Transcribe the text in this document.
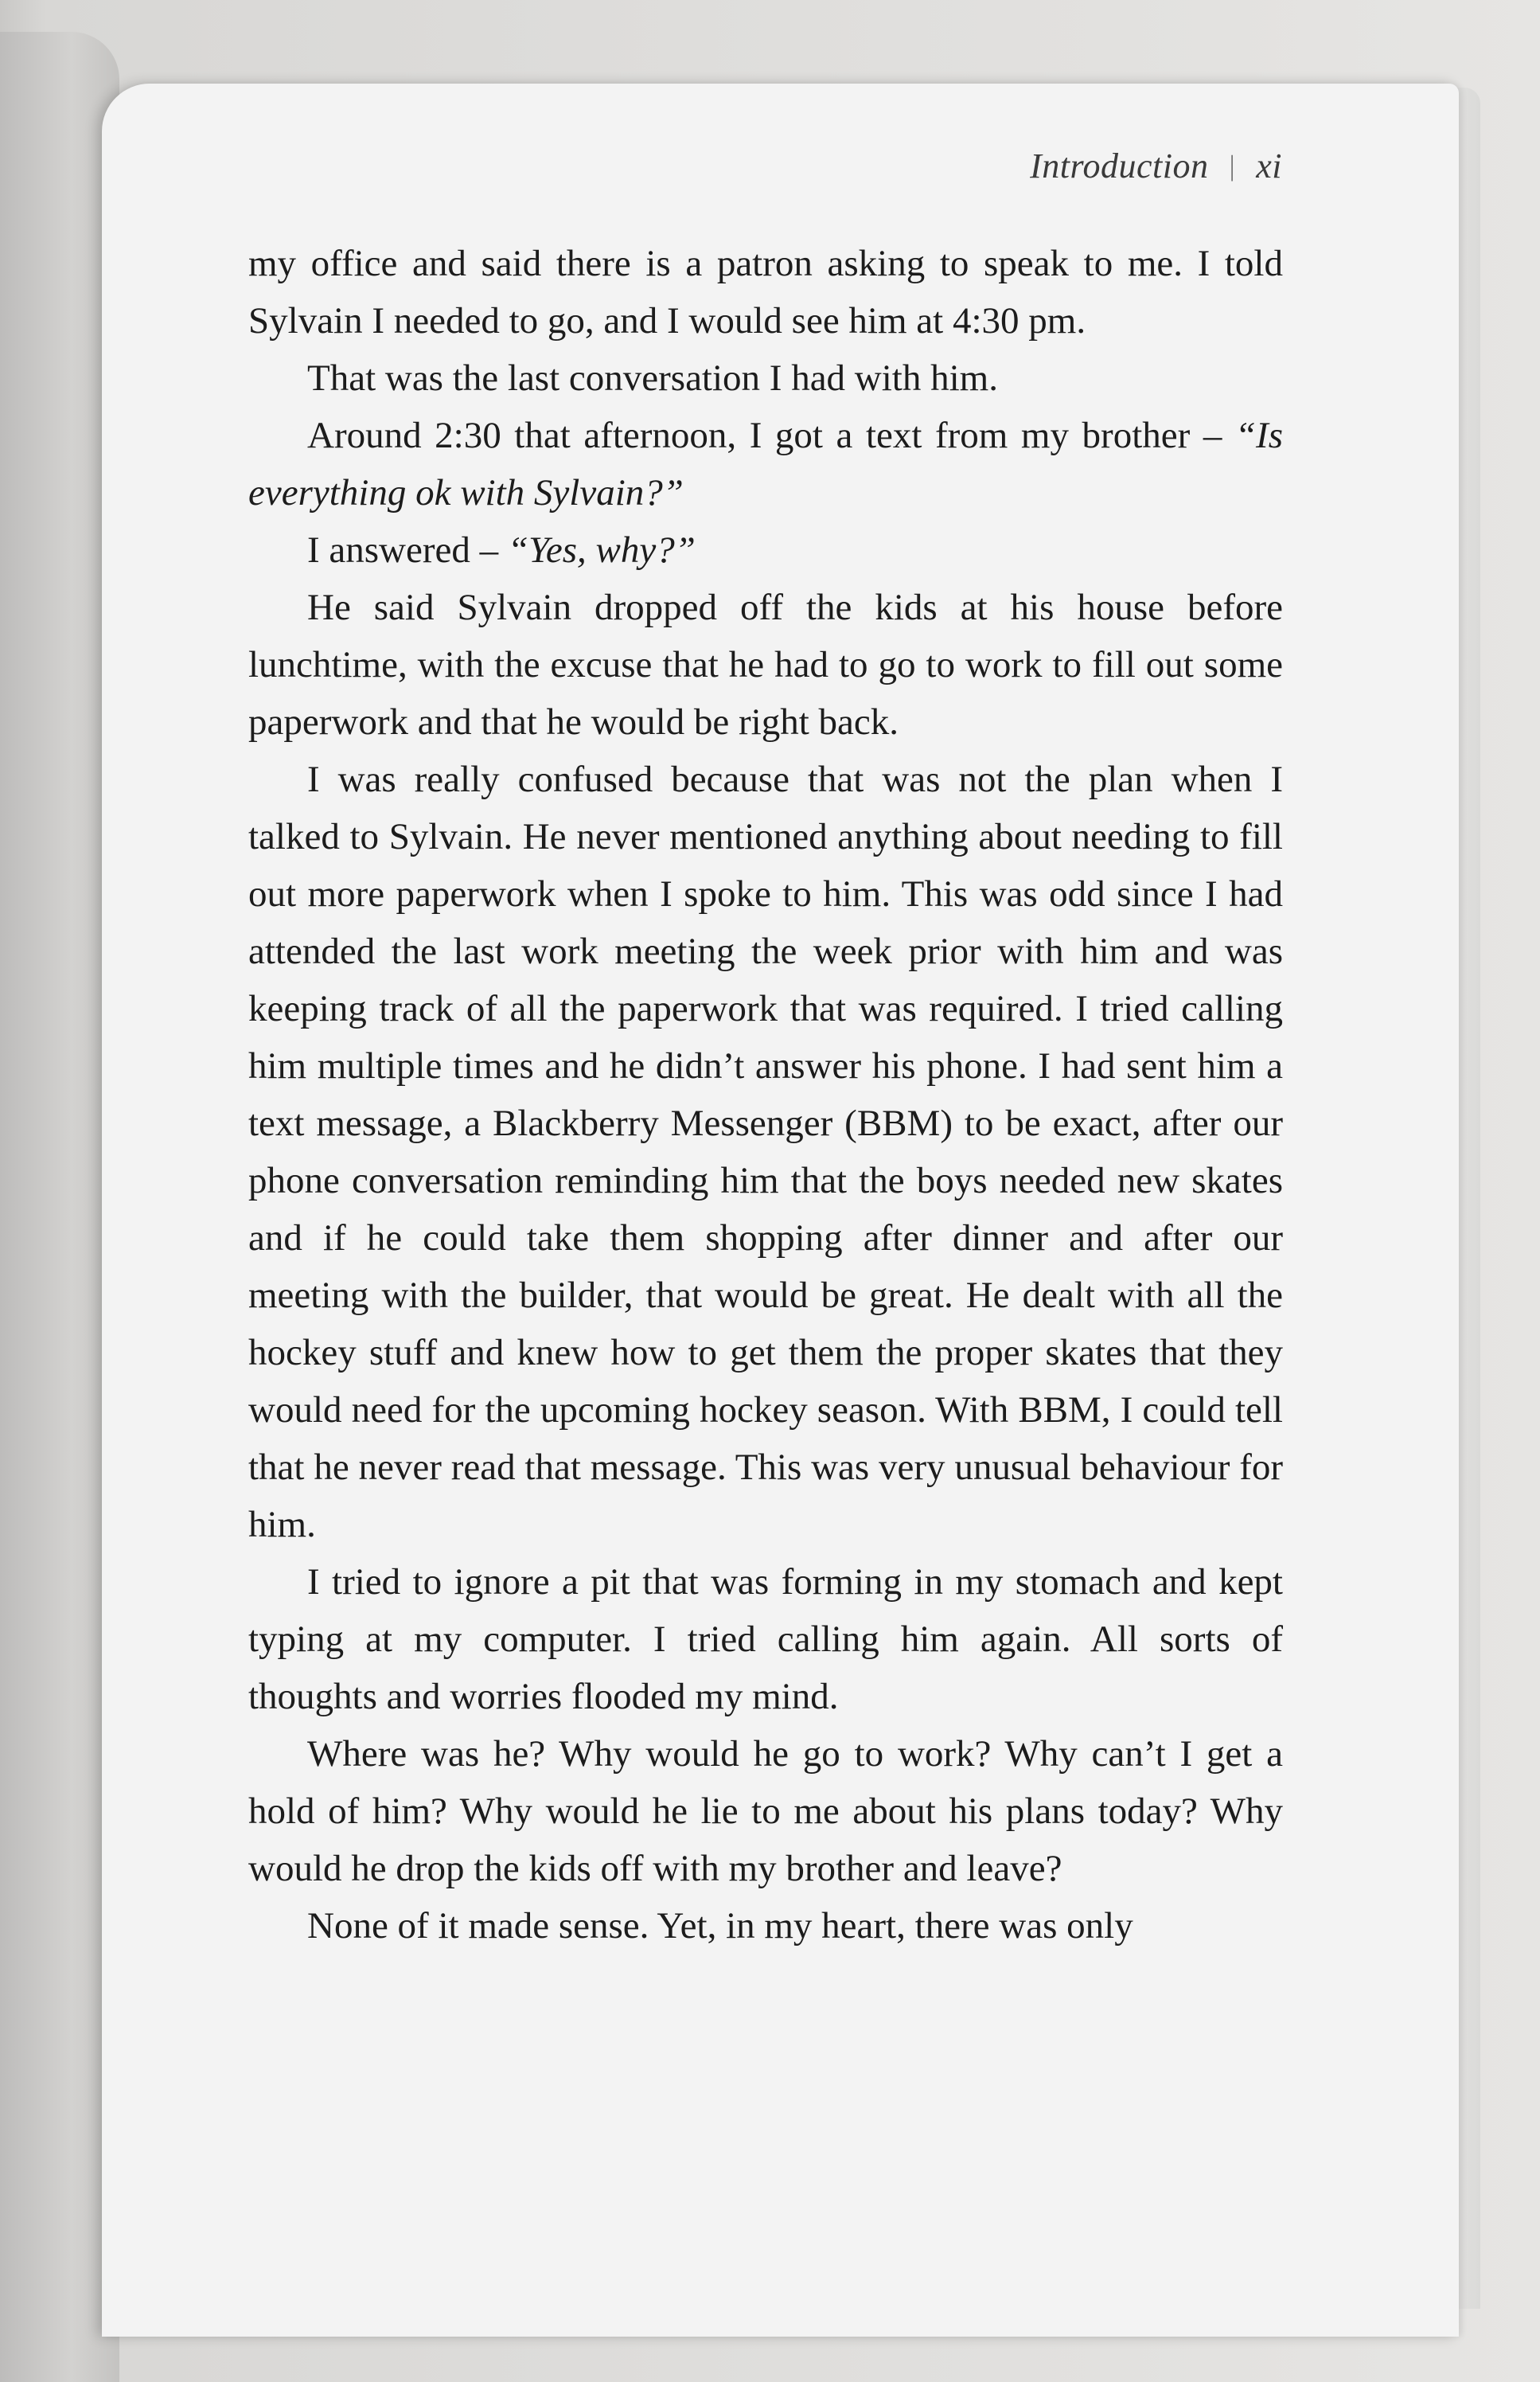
Introduction | xi

my office and said there is a patron asking to speak to me. I told Sylvain I needed to go, and I would see him at 4:30 pm.

That was the last conversation I had with him.

Around 2:30 that afternoon, I got a text from my brother – “Is everything ok with Sylvain?”

I answered – “Yes, why?”

He said Sylvain dropped off the kids at his house before lunchtime, with the excuse that he had to go to work to fill out some paperwork and that he would be right back.

I was really confused because that was not the plan when I talked to Sylvain. He never mentioned anything about needing to fill out more paperwork when I spoke to him. This was odd since I had attended the last work meeting the week prior with him and was keeping track of all the paperwork that was required. I tried calling him multiple times and he didn’t answer his phone. I had sent him a text message, a Blackberry Messenger (BBM) to be exact, after our phone conversation reminding him that the boys needed new skates and if he could take them shopping after dinner and after our meeting with the builder, that would be great. He dealt with all the hockey stuff and knew how to get them the proper skates that they would need for the upcoming hockey season. With BBM, I could tell that he never read that message. This was very unusual behaviour for him.

I tried to ignore a pit that was forming in my stomach and kept typing at my computer. I tried calling him again. All sorts of thoughts and worries flooded my mind.

Where was he? Why would he go to work? Why can’t I get a hold of him? Why would he lie to me about his plans today? Why would he drop the kids off with my brother and leave?

None of it made sense. Yet, in my heart, there was only
